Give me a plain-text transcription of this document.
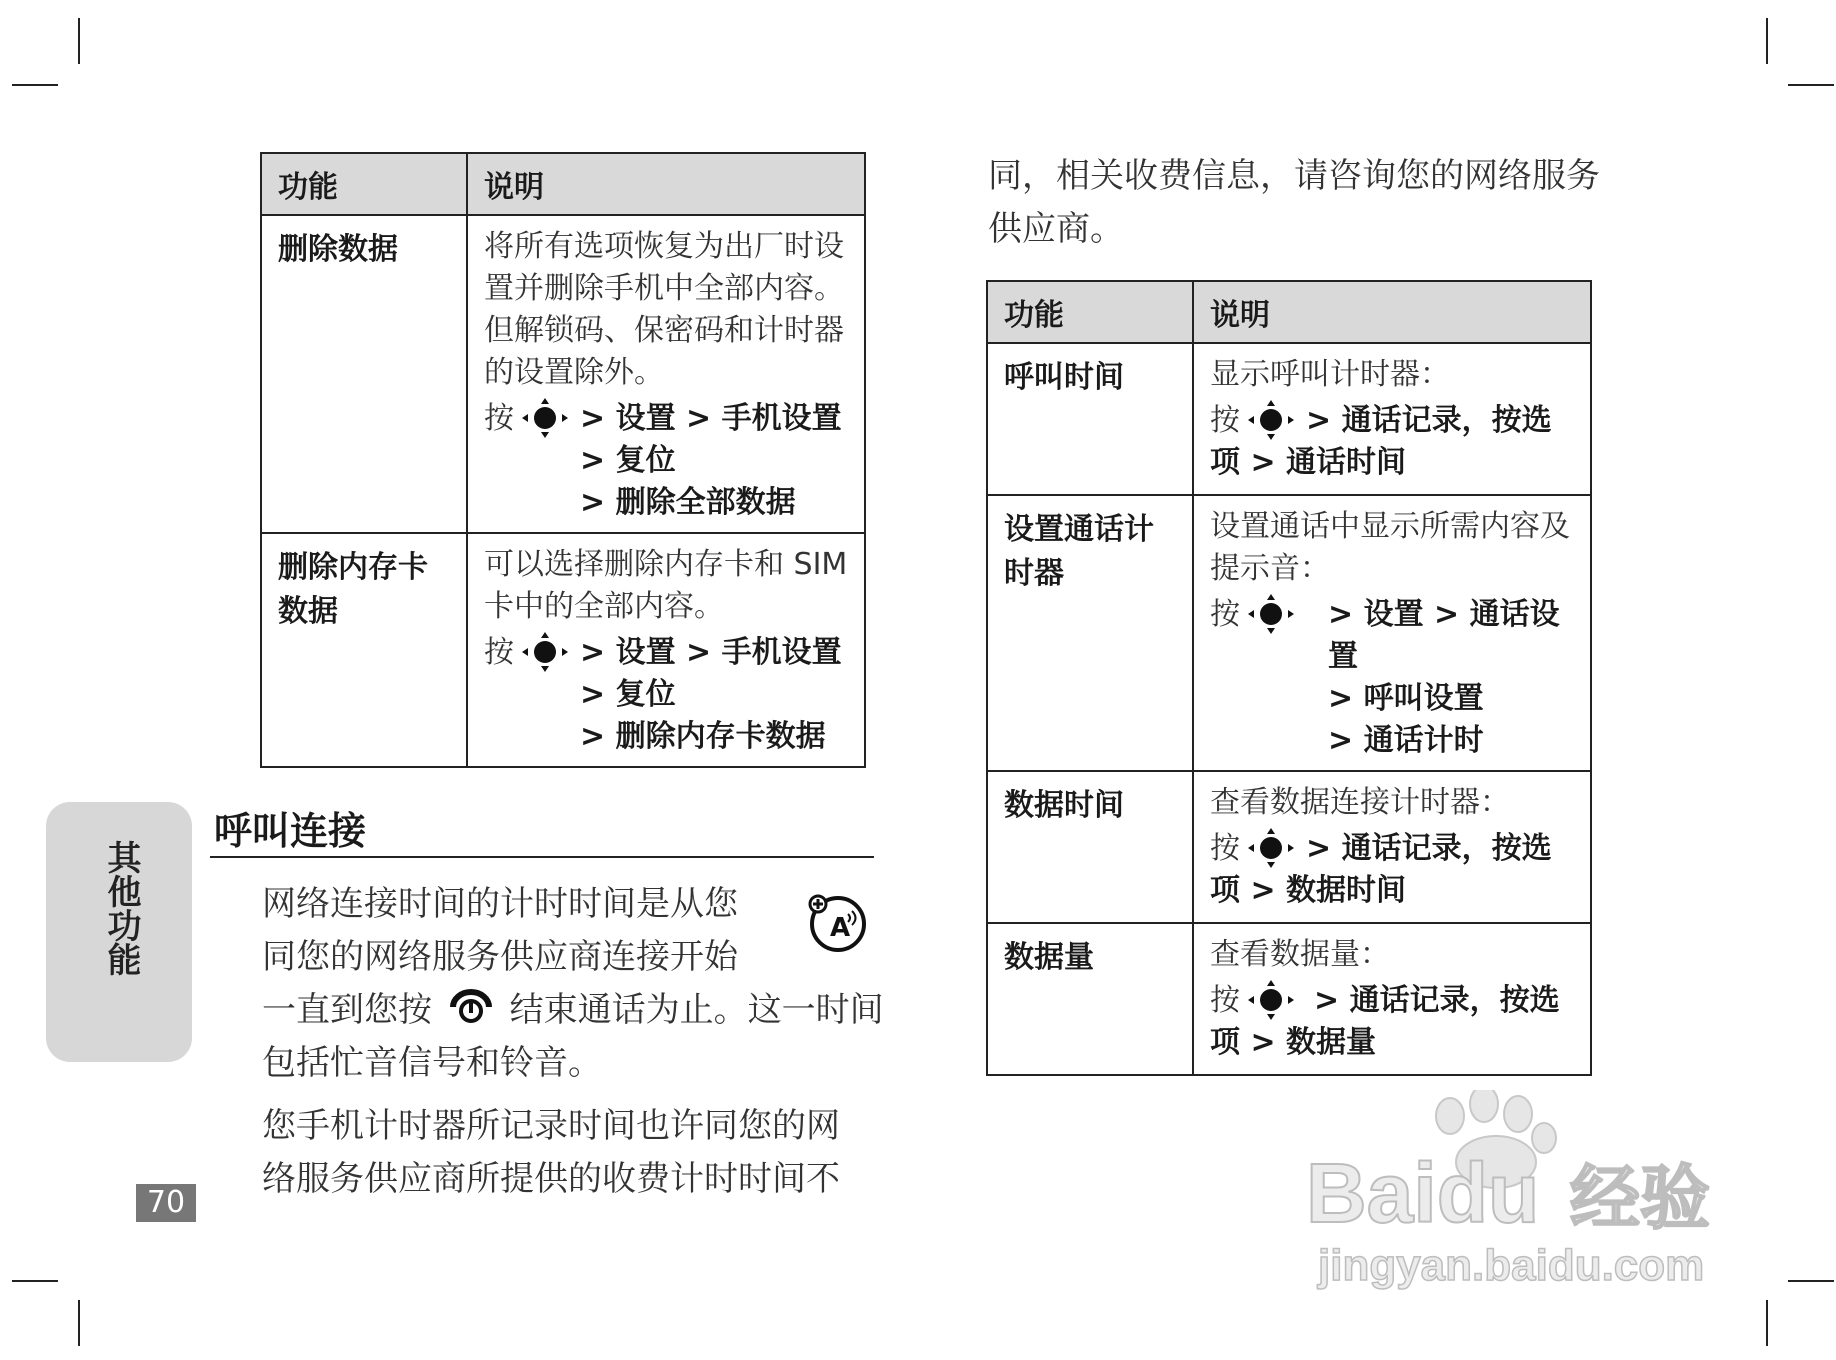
功能	说明
删除数据	将所有选项恢复为出厂时设置并删除手机中全部内容。但解锁码、保密码和计时器的设置除外。
按 > 设置 > 手机设置
> 复位
> 删除全部数据

删除内存卡数据	可以选择删除内存卡和 SIM 卡中的全部内容。
按 > 设置 > 手机设置
> 复位
> 删除内存卡数据
其他功能
呼叫连接
网络连接时间的计时时间是从您
同您的网络服务供应商连接开始
A
一直到您按 结束通话为止。这一时间
包括忙音信号和铃音。
您手机计时器所记录时间也许同您的网
络服务供应商所提供的收费计时时间不
70
同，相关收费信息，请咨询您的网络服务
供应商。
功能	说明
呼叫时间	显示呼叫计时器：
按 > 通话记录，按选
项 > 通话时间

设置通话计时器	设置通话中显示所需内容及提示音：
按 > 设置 > 通话设置
> 呼叫设置
> 通话计时

数据时间	查看数据连接计时器：
按 > 通话记录，按选
项 > 数据时间

数据量	查看数据量：
按 > 通话记录，按选
项 > 数据量
Baidu 经验
jingyan.baidu.com
